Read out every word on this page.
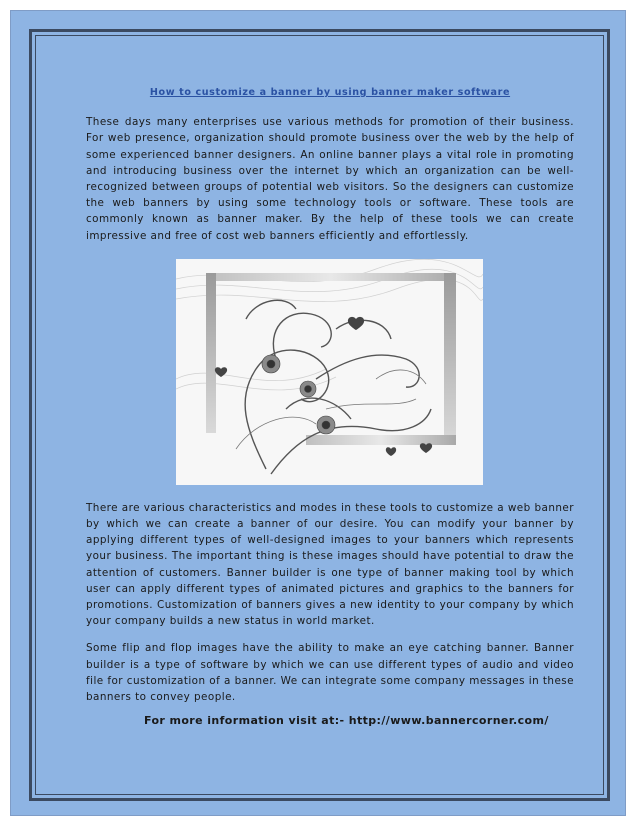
How to customize a banner by using banner maker software

These days many enterprises use various methods for promotion of their business. For web presence, organization should promote business over the web by the help of some experienced banner designers. An online banner plays a vital role in promoting and introducing business over the internet by which an organization can be well-recognized between groups of potential web visitors. So the designers can customize the web banners by using some technology tools or software. These tools are commonly known as banner maker. By the help of these tools we can create impressive and free of cost web banners efficiently and effortlessly.

There are various characteristics and modes in these tools to customize a web banner by which we can create a banner of our desire. You can modify your banner by applying different types of well-designed images to your banners which represents your business. The important thing is these images should have potential to draw the attention of customers. Banner builder is one type of banner making tool by which user can apply different types of animated pictures and graphics to the banners for promotions. Customization of banners gives a new identity to your company by which your company builds a new status in world market.

Some flip and flop images have the ability to make an eye catching banner. Banner builder is a type of software by which we can use different types of audio and video file for customization of a banner. We can integrate some company messages in these banners to convey people.

For more information visit at:- http://www.bannercorner.com/
